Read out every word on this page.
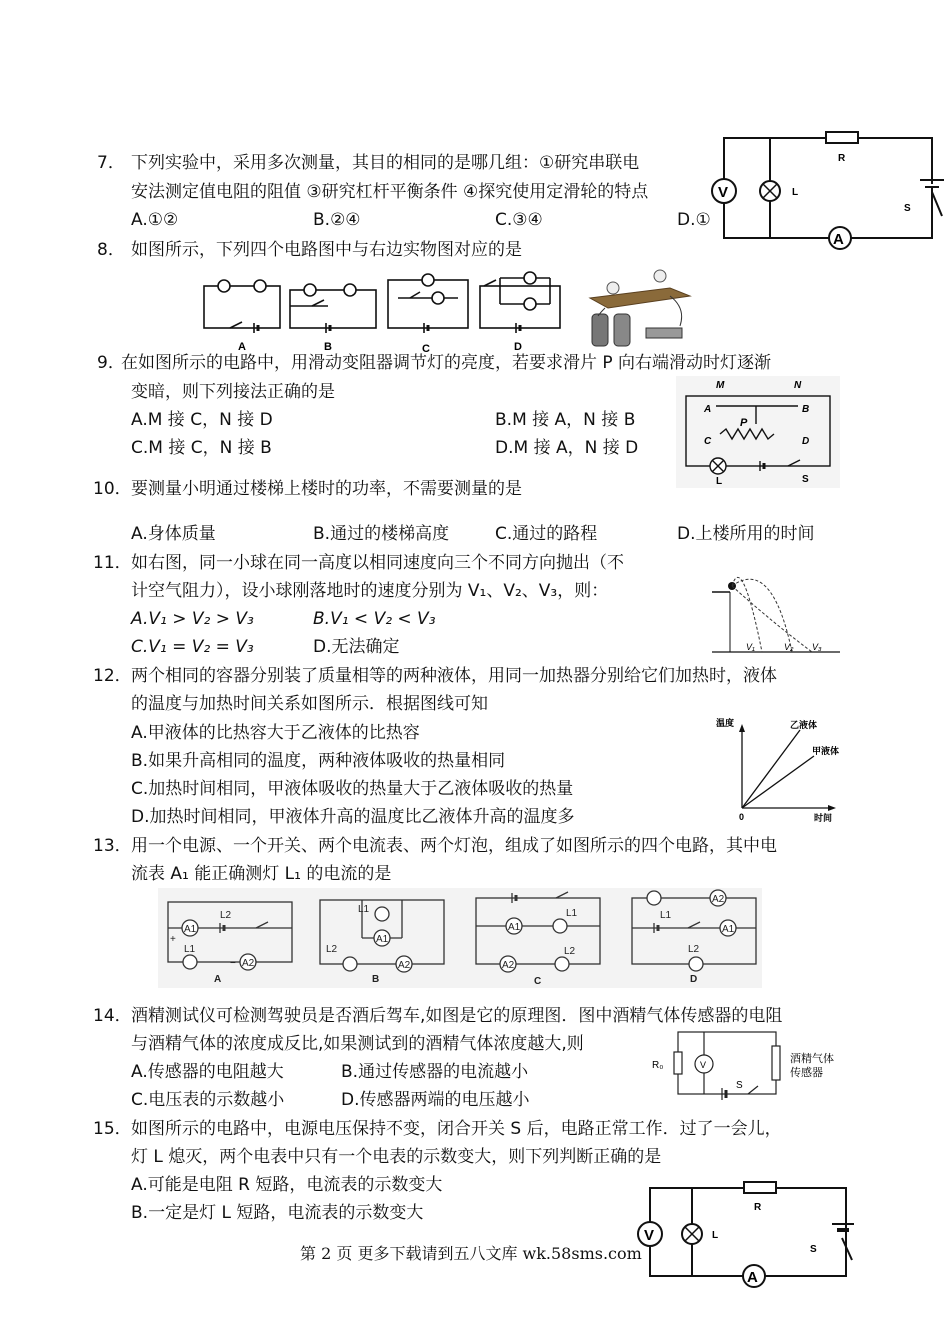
R
V	L
S
A
7． 下列实验中，采用多次测量，其目的相同的是哪几组：①研究串联电
安法测定值电阻的阻值 ③研究杠杆平衡条件 ④探究使用定滑轮的特点
A.①②	B.②④	C.③④	D.①
8． 如图所示，下列四个电路图中与右边实物图对应的是
A	B	C	D
9．
在如图所示的电路中，用滑动变阻器调节灯的亮度，若要求滑片 P 向右端滑动时灯逐渐
变暗，则下列接法正确的是
A.M 接 C，N 接 D	B.M 接 A，N 接 B
C.M 接 C，N 接 B	D.M 接 A，N 接 D
M	N
A	B
C	D
P
L	S
10． 要测量小明通过楼梯上楼时的功率，不需要测量的是
A.身体质量	B.通过的楼梯高度	C.通过的路程	D.上楼所用的时间
11． 如右图，同一小球在同一高度以相同速度向三个不同方向抛出（不
计空气阻力），设小球刚落地时的速度分别为 V₁、V₂、V₃，则：
A.V₁ > V₂ > V₃	B.V₁ < V₂ < V₃
C.V₁ = V₂ = V₃	D.无法确定	V₁	V₂ V₃
12． 两个相同的容器分别装了质量相等的两种液体，用同一加热器分别给它们加热时，液体
的温度与加热时间关系如图所示．根据图线可知
A.甲液体的比热容大于乙液体的比热容
B.如果升高相同的温度，两种液体吸收的热量相同
C.加热时间相同，甲液体吸收的热量大于乙液体吸收的热量
D.加热时间相同，甲液体升高的温度比乙液体升高的温度多
温度
时间
0
乙液体
甲液体
13． 用一个电源、一个开关、两个电流表、两个灯泡，组成了如图所示的四个电路，其中电
流表 A₁ 能正确测灯 L₁ 的电流的是
A1
A2
L2
L1
+
−
A
L1
A1
L2
A2
B
A1
L1
A2
L2
C
A2
A1
L1
L2
D
14． 酒精测试仪可检测驾驶员是否酒后驾车,如图是它的原理图．图中酒精气体传感器的电阻
与酒精气体的浓度成反比,如果测试到的酒精气体浓度越大,则
A.传感器的电阻越大	B.通过传感器的电流越小
C.电压表的示数越小	D.传感器两端的电压越小
R₀	V	酒精气体
传感器
S
15． 如图所示的电路中，电源电压保持不变，闭合开关 S 后，电路正常工作．过了一会儿，
灯 L 熄灭，两个电表中只有一个电表的示数变大，则下列判断正确的是
A.可能是电阻 R 短路，电流表的示数变大
B.一定是灯 L 短路，电流表的示数变大	R
V	L
S
A
第 2 页 更多下载请到五八文库 wk.58sms.com
